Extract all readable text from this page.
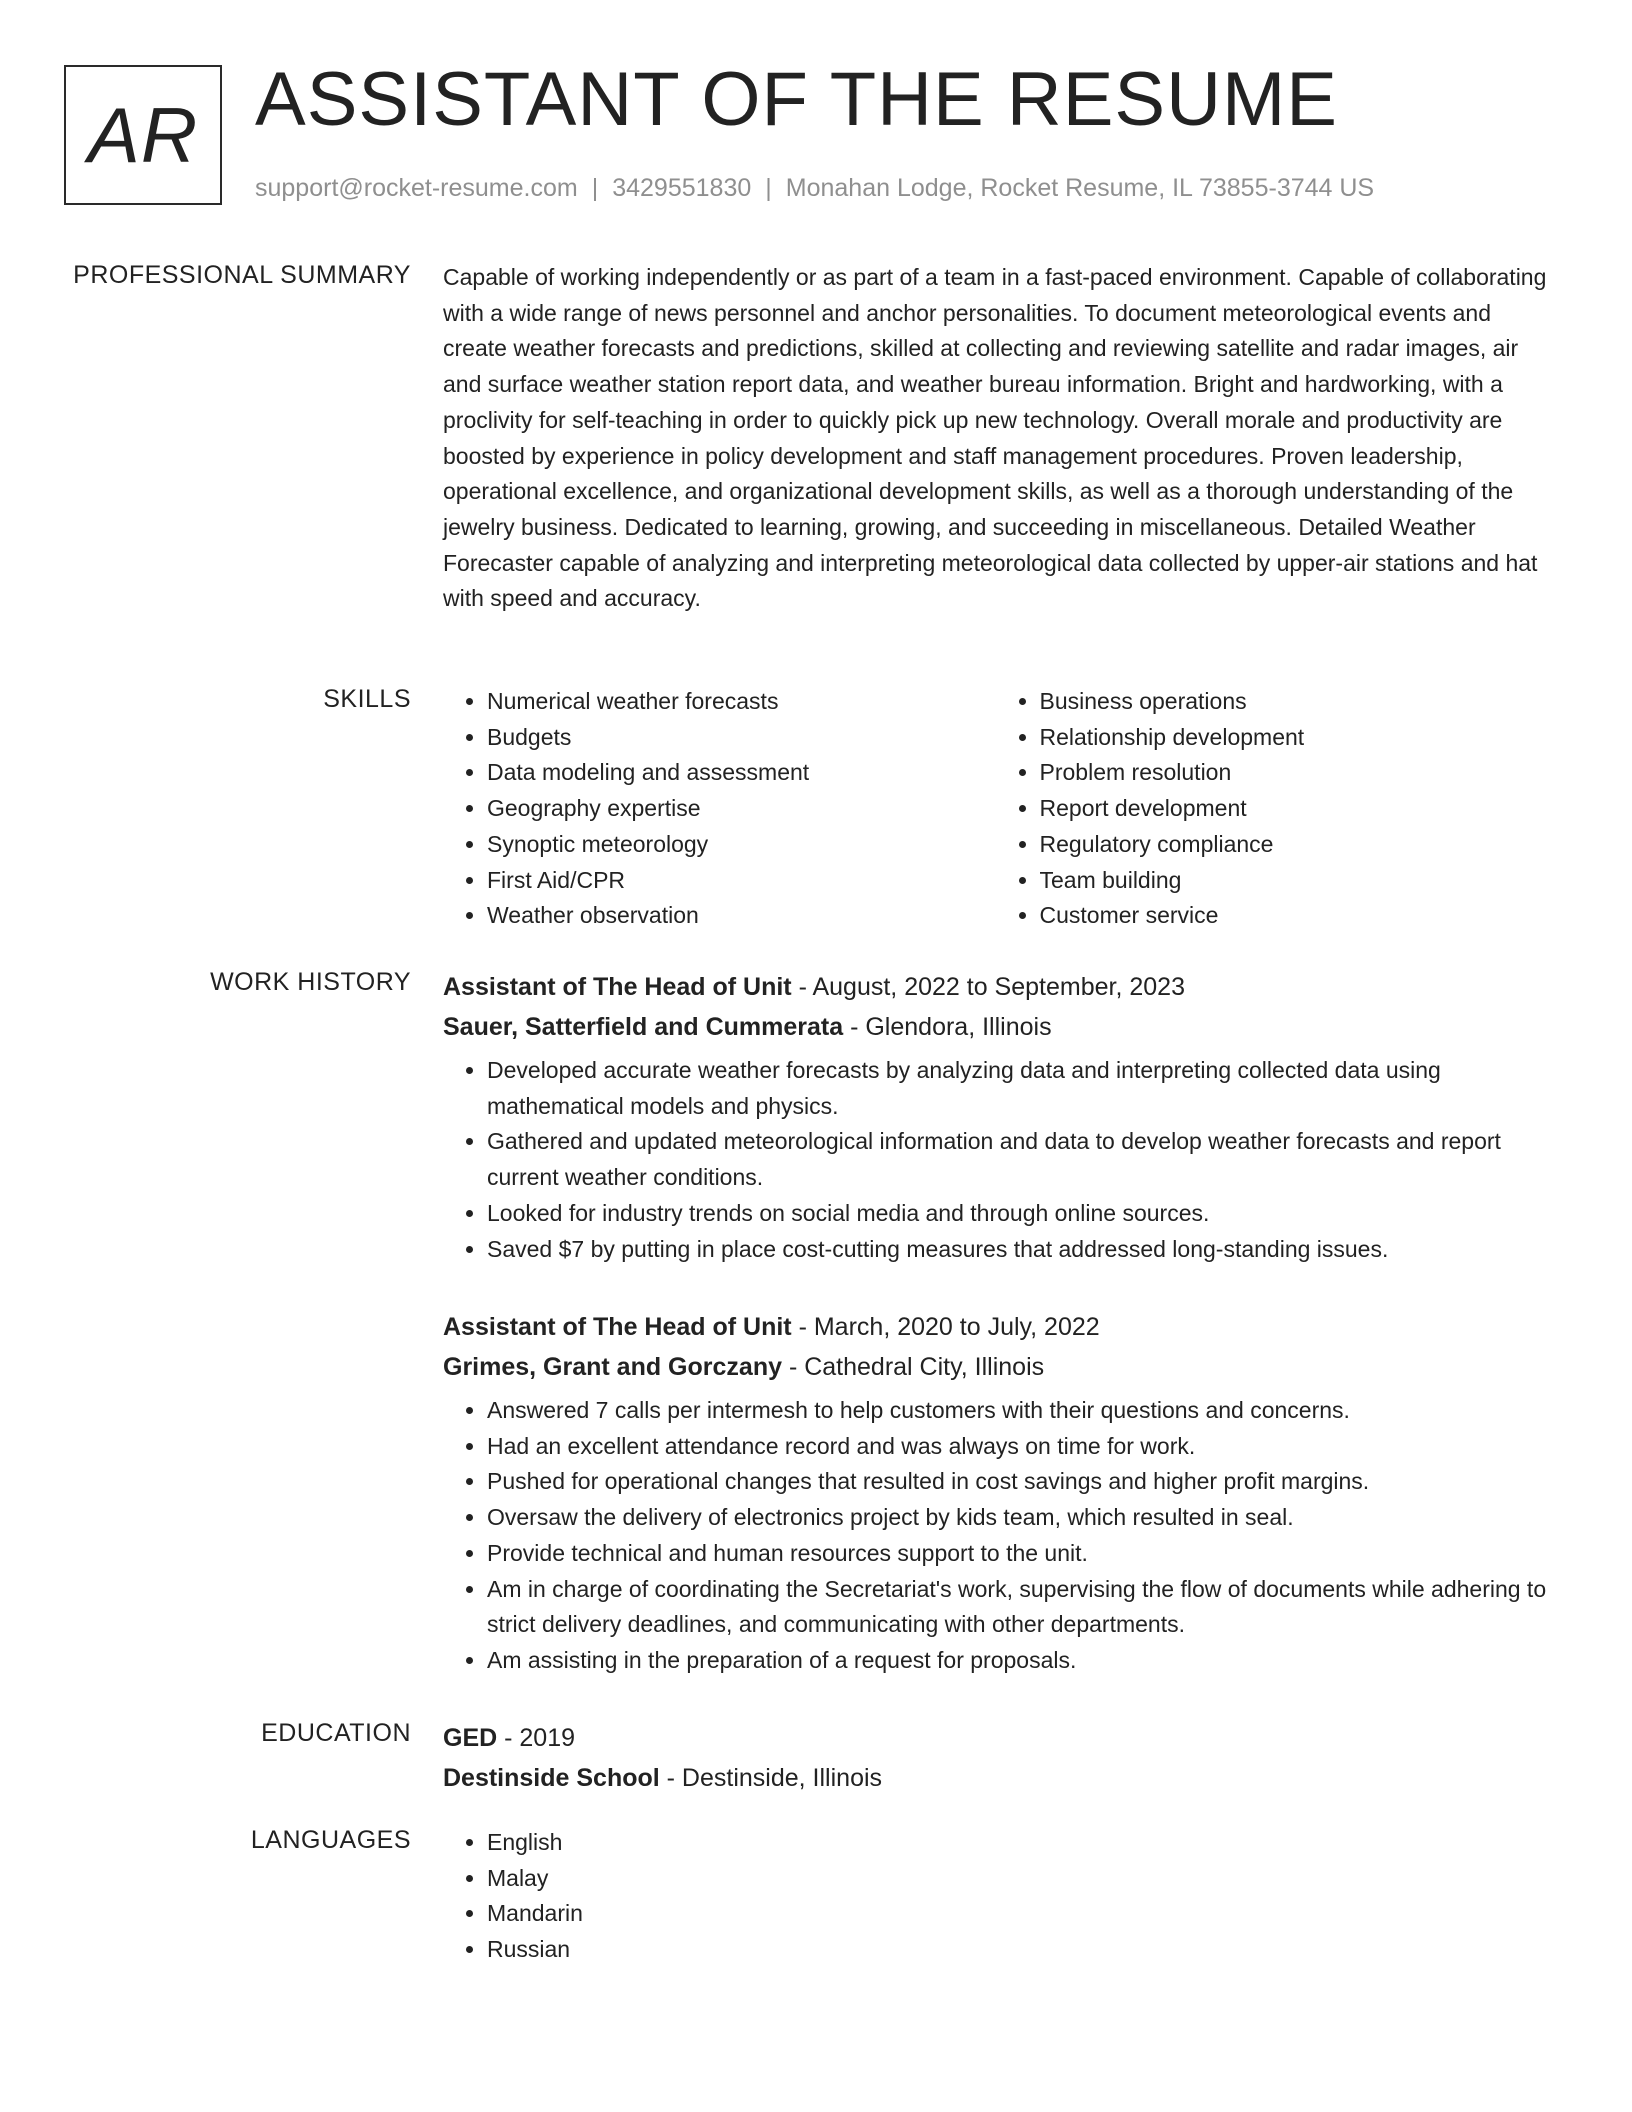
AR ASSISTANT OF THE RESUME
support@rocket-resume.com | 3429551830 | Monahan Lodge, Rocket Resume, IL 73855-3744 US
PROFESSIONAL SUMMARY Capable of working independently or as part of a team in a fast-paced environment. Capable of collaborating with a wide range of news personnel and anchor personalities. To document meteorological events and create weather forecasts and predictions, skilled at collecting and reviewing satellite and radar images, air and surface weather station report data, and weather bureau information. Bright and hardworking, with a proclivity for self-teaching in order to quickly pick up new technology. Overall morale and productivity are boosted by experience in policy development and staff management procedures. Proven leadership, operational excellence, and organizational development skills, as well as a thorough understanding of the jewelry business. Dedicated to learning, growing, and succeeding in miscellaneous. Detailed Weather Forecaster capable of analyzing and interpreting meteorological data collected by upper-air stations and hat with speed and accuracy.

SKILLS	• Numerical weather forecasts
• Budgets
• Data modeling and assessment
• Geography expertise
• Synoptic meteorology
• First Aid/CPR
• Weather observation
• Business operations
• Relationship development
• Problem resolution
• Report development
• Regulatory compliance
• Team building
• Customer service
WORK HISTORY Assistant of The Head of Unit - August, 2022 to September, 2023
Sauer, Satterfield and Cummerata - Glendora, Illinois
• Developed accurate weather forecasts by analyzing data and interpreting collected data using mathematical models and physics.
• Gathered and updated meteorological information and data to develop weather forecasts and report current weather conditions.
• Looked for industry trends on social media and through online sources.
• Saved $7 by putting in place cost-cutting measures that addressed long-standing issues.
Assistant of The Head of Unit - March, 2020 to July, 2022
Grimes, Grant and Gorczany - Cathedral City, Illinois
• Answered 7 calls per intermesh to help customers with their questions and concerns.
• Had an excellent attendance record and was always on time for work.
• Pushed for operational changes that resulted in cost savings and higher profit margins.
• Oversaw the delivery of electronics project by kids team, which resulted in seal.
• Provide technical and human resources support to the unit.
• Am in charge of coordinating the Secretariat's work, supervising the flow of documents while adhering to strict delivery deadlines, and communicating with other departments.
• Am assisting in the preparation of a request for proposals.
EDUCATION GED - 2019
Destinside School - Destinside, Illinois
LANGUAGES	• English
• Malay
• Mandarin
• Russian
